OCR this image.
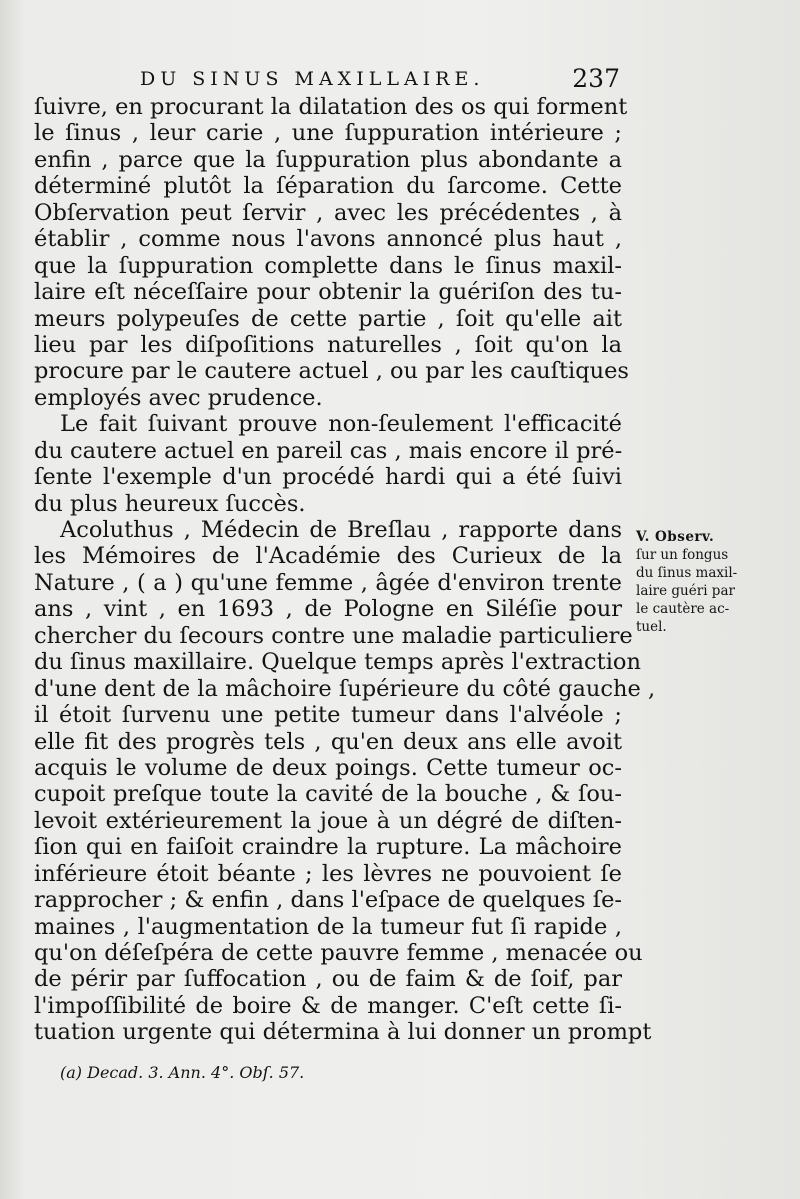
DU SINUS MAXILLAIRE.	237
ſuivre, en procurant la dilatation des os qui forment
le ſinus , leur carie , une ſuppuration intérieure ;
enfin , parce que la ſuppuration plus abondante a
déterminé plutôt la ſéparation du ſarcome. Cette
Obſervation peut ſervir , avec les précédentes , à
établir , comme nous l'avons annoncé plus haut ,
que la ſuppuration complette dans le ſinus maxil-
laire eſt néceſſaire pour obtenir la guériſon des tu-
meurs polypeuſes de cette partie , ſoit qu'elle ait
lieu par les diſpoſitions naturelles , ſoit qu'on la
procure par le cautere actuel , ou par les cauſtiques
employés avec prudence.
Le fait ſuivant prouve non-ſeulement l'efficacité
du cautere actuel en pareil cas , mais encore il pré-
ſente l'exemple d'un procédé hardi qui a été ſuivi
du plus heureux ſuccès.
Acoluthus , Médecin de Breſlau , rapporte dans
les Mémoires de l'Académie des Curieux de la
Nature , ( a ) qu'une femme , âgée d'environ trente
ans , vint , en 1693 , de Pologne en Siléſie pour
chercher du ſecours contre une maladie particuliere
du ſinus maxillaire. Quelque temps après l'extraction
d'une dent de la mâchoire ſupérieure du côté gauche ,
il étoit ſurvenu une petite tumeur dans l'alvéole ;
elle fit des progrès tels , qu'en deux ans elle avoit
acquis le volume de deux poings. Cette tumeur oc-
cupoit preſque toute la cavité de la bouche , & ſou-
levoit extérieurement la joue à un dégré de diſten-
ſion qui en faiſoit craindre la rupture. La mâchoire
inférieure étoit béante ; les lèvres ne pouvoient ſe
rapprocher ; & enfin , dans l'eſpace de quelques ſe-
maines , l'augmentation de la tumeur fut ſi rapide ,
qu'on déſeſpéra de cette pauvre femme , menacée ou
de périr par ſuffocation , ou de faim & de ſoif, par
l'impoſſibilité de boire & de manger. C'eſt cette ſi-
tuation urgente qui détermina à lui donner un prompt
V. Observ.
ſur un fongus
du ſinus maxil-
laire guéri par
le cautère ac-
tuel.
(a) Decad. 3. Ann. 4°. Obſ. 57.
